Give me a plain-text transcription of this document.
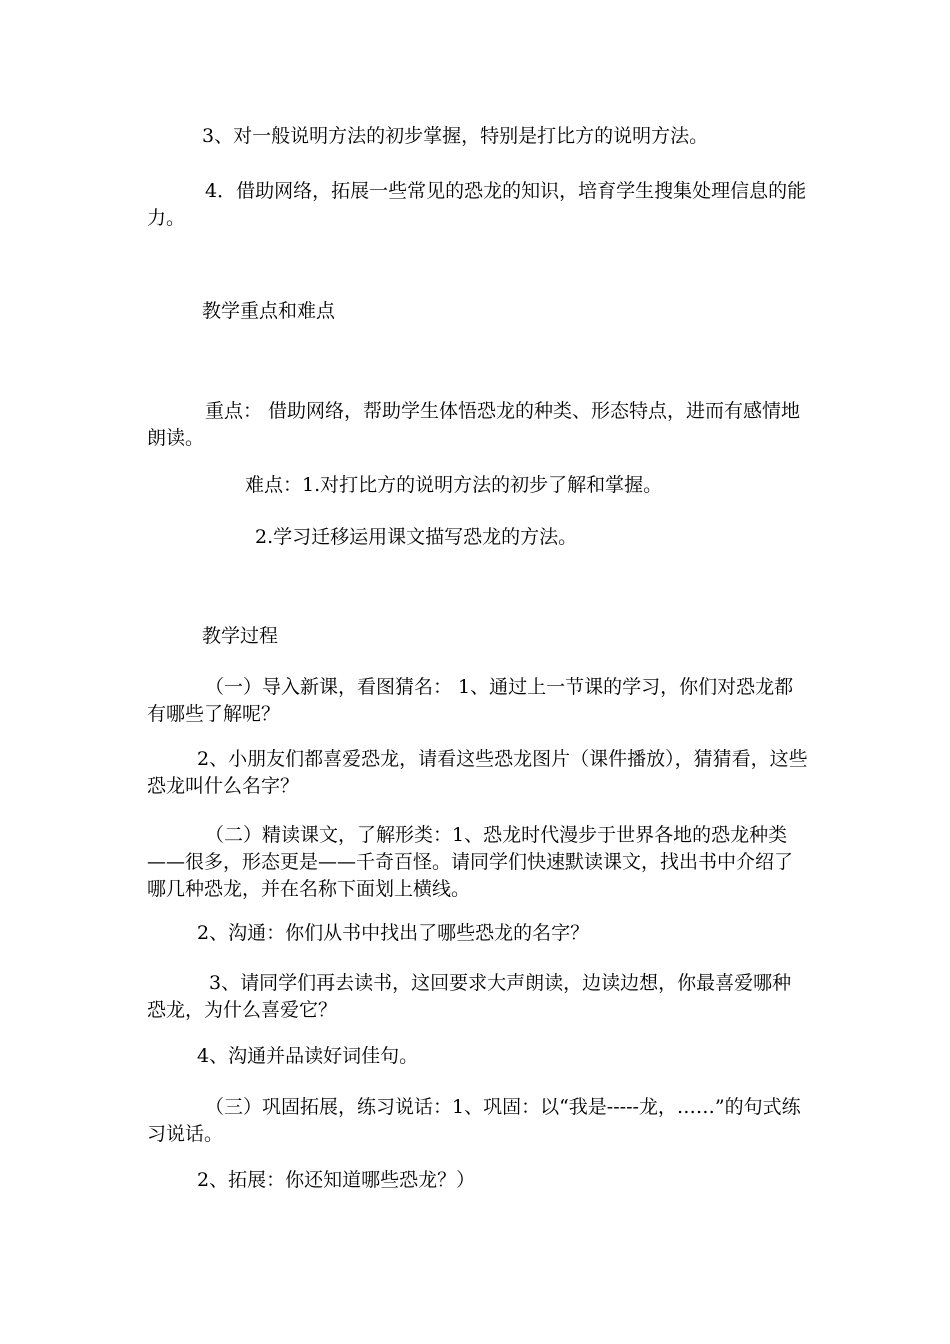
3、对一般说明方法的初步掌握，特别是打比方的说明方法。

4．借助网络，拓展一些常见的恐龙的知识，培育学生搜集处理信息的能力。

教学重点和难点

重点： 借助网络，帮助学生体悟恐龙的种类、形态特点，进而有感情地朗读。

难点：1.对打比方的说明方法的初步了解和掌握。

2.学习迁移运用课文描写恐龙的方法。

教学过程

（一）导入新课，看图猜名： 1、通过上一节课的学习，你们对恐龙都有哪些了解呢？

2、小朋友们都喜爱恐龙，请看这些恐龙图片（课件播放），猜猜看，这些恐龙叫什么名字？

（二）精读课文，了解形类：1、恐龙时代漫步于世界各地的恐龙种类——很多，形态更是——千奇百怪。请同学们快速默读课文，找出书中介绍了哪几种恐龙，并在名称下面划上横线。

2、沟通：你们从书中找出了哪些恐龙的名字？

3、请同学们再去读书，这回要求大声朗读，边读边想，你最喜爱哪种恐龙，为什么喜爱它？

4、沟通并品读好词佳句。

（三）巩固拓展，练习说话：1、巩固：以“我是-----龙，……”的句式练习说话。

2、拓展：你还知道哪些恐龙？）
